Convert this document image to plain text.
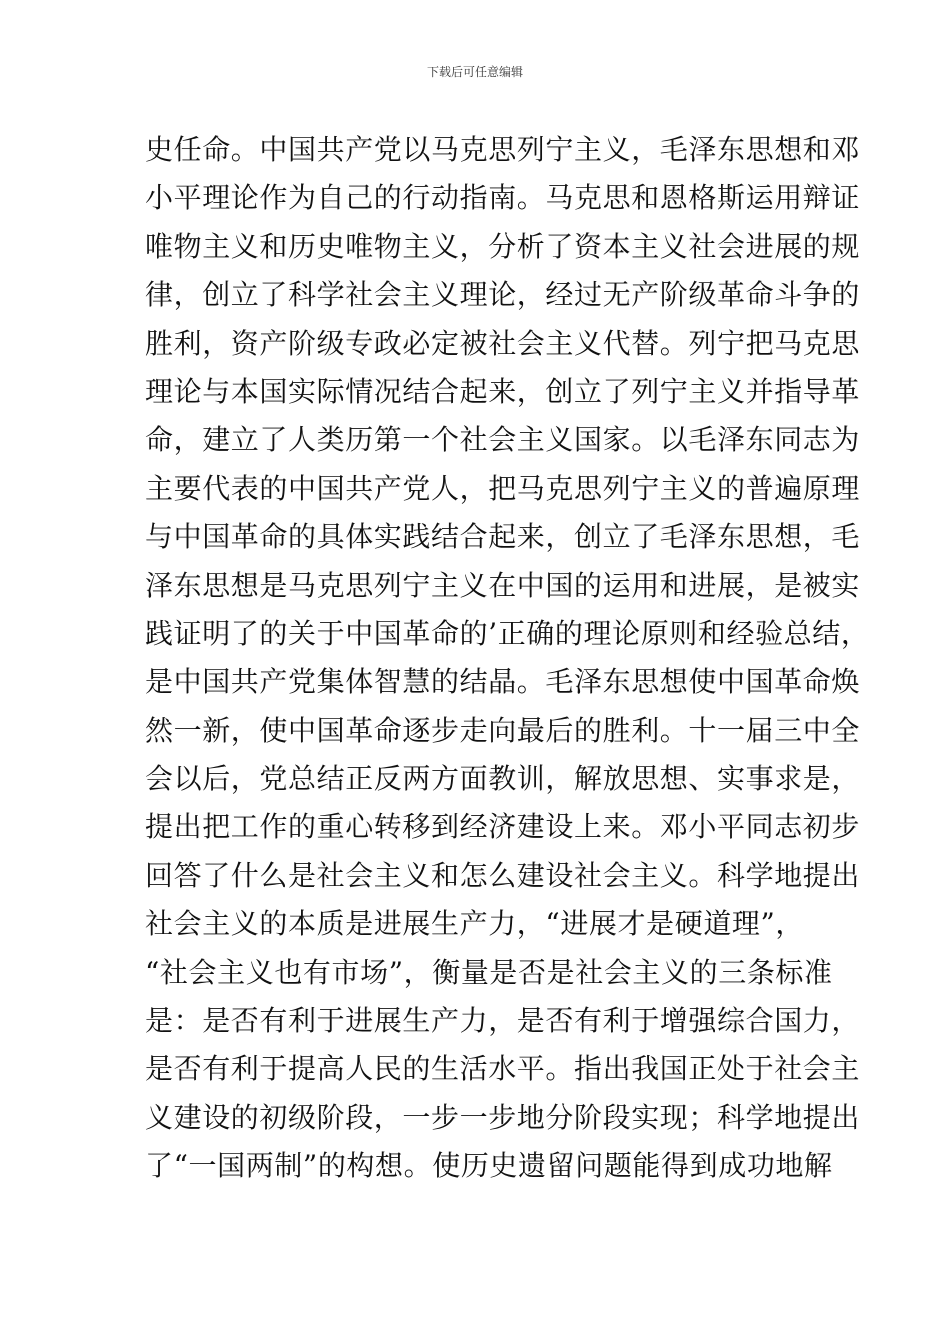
下载后可任意编辑
史任命。中国共产党以马克思列宁主义，毛泽东思想和邓
小平理论作为自己的行动指南。马克思和恩格斯运用辩证
唯物主义和历史唯物主义，分析了资本主义社会进展的规
律，创立了科学社会主义理论，经过无产阶级革命斗争的
胜利，资产阶级专政必定被社会主义代替。列宁把马克思
理论与本国实际情况结合起来，创立了列宁主义并指导革
命，建立了人类历第一个社会主义国家。以毛泽东同志为
主要代表的中国共产党人，把马克思列宁主义的普遍原理
与中国革命的具体实践结合起来，创立了毛泽东思想，毛
泽东思想是马克思列宁主义在中国的运用和进展，是被实
践证明了的关于中国革命的’正确的理论原则和经验总结，
是中国共产党集体智慧的结晶。毛泽东思想使中国革命焕
然一新，使中国革命逐步走向最后的胜利。十一届三中全
会以后，党总结正反两方面教训，解放思想、实事求是，
提出把工作的重心转移到经济建设上来。邓小平同志初步
回答了什么是社会主义和怎么建设社会主义。科学地提出
社会主义的本质是进展生产力，“进展才是硬道理”，
“社会主义也有市场”，衡量是否是社会主义的三条标准
是：是否有利于进展生产力，是否有利于增强综合国力，
是否有利于提高人民的生活水平。指出我国正处于社会主
义建设的初级阶段，一步一步地分阶段实现；科学地提出
了“一国两制”的构想。使历史遗留问题能得到成功地解
